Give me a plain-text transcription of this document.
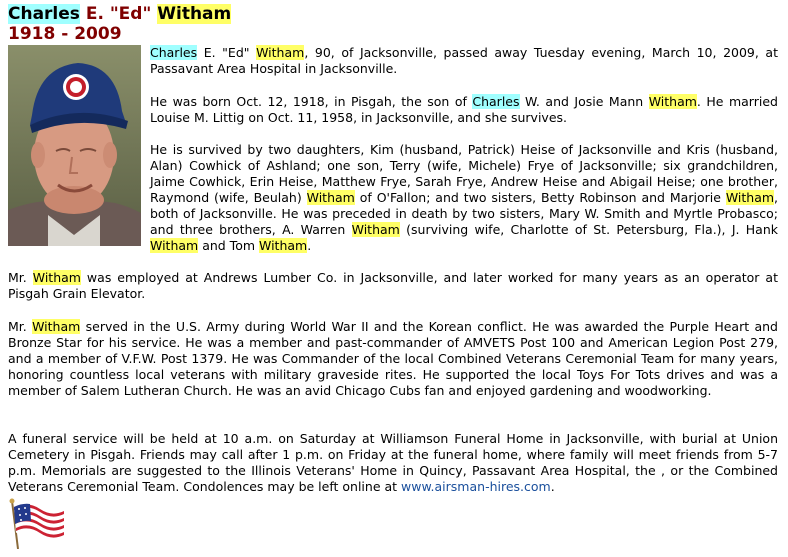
Charles E. "Ed" Witham
1918 - 2009

Charles E. "Ed" Witham, 90, of Jacksonville, passed away Tuesday evening, March 10, 2009, at Passavant Area Hospital in Jacksonville.

He was born Oct. 12, 1918, in Pisgah, the son of Charles W. and Josie Mann Witham. He married Louise M. Littig on Oct. 11, 1958, in Jacksonville, and she survives.

He is survived by two daughters, Kim (husband, Patrick) Heise of Jacksonville and Kris (husband, Alan) Cowhick of Ashland; one son, Terry (wife, Michele) Frye of Jacksonville; six grandchildren, Jaime Cowhick, Erin Heise, Matthew Frye, Sarah Frye, Andrew Heise and Abigail Heise; one brother, Raymond (wife, Beulah) Witham of O'Fallon; and two sisters, Betty Robinson and Marjorie Witham, both of Jacksonville. He was preceded in death by two sisters, Mary W. Smith and Myrtle Probasco; and three brothers, A. Warren Witham (surviving wife, Charlotte of St. Petersburg, Fla.), J. Hank Witham and Tom Witham.

Mr. Witham was employed at Andrews Lumber Co. in Jacksonville, and later worked for many years as an operator at Pisgah Grain Elevator.

Mr. Witham served in the U.S. Army during World War II and the Korean conflict. He was awarded the Purple Heart and Bronze Star for his service. He was a member and past-commander of AMVETS Post 100 and American Legion Post 279, and a member of V.F.W. Post 1379. He was Commander of the local Combined Veterans Ceremonial Team for many years, honoring countless local veterans with military graveside rites. He supported the local Toys For Tots drives and was a member of Salem Lutheran Church. He was an avid Chicago Cubs fan and enjoyed gardening and woodworking.

A funeral service will be held at 10 a.m. on Saturday at Williamson Funeral Home in Jacksonville, with burial at Union Cemetery in Pisgah. Friends may call after 1 p.m. on Friday at the funeral home, where family will meet friends from 5-7 p.m. Memorials are suggested to the Illinois Veterans' Home in Quincy, Passavant Area Hospital, the , or the Combined Veterans Ceremonial Team. Condolences may be left online at www.airsman-hires.com.
